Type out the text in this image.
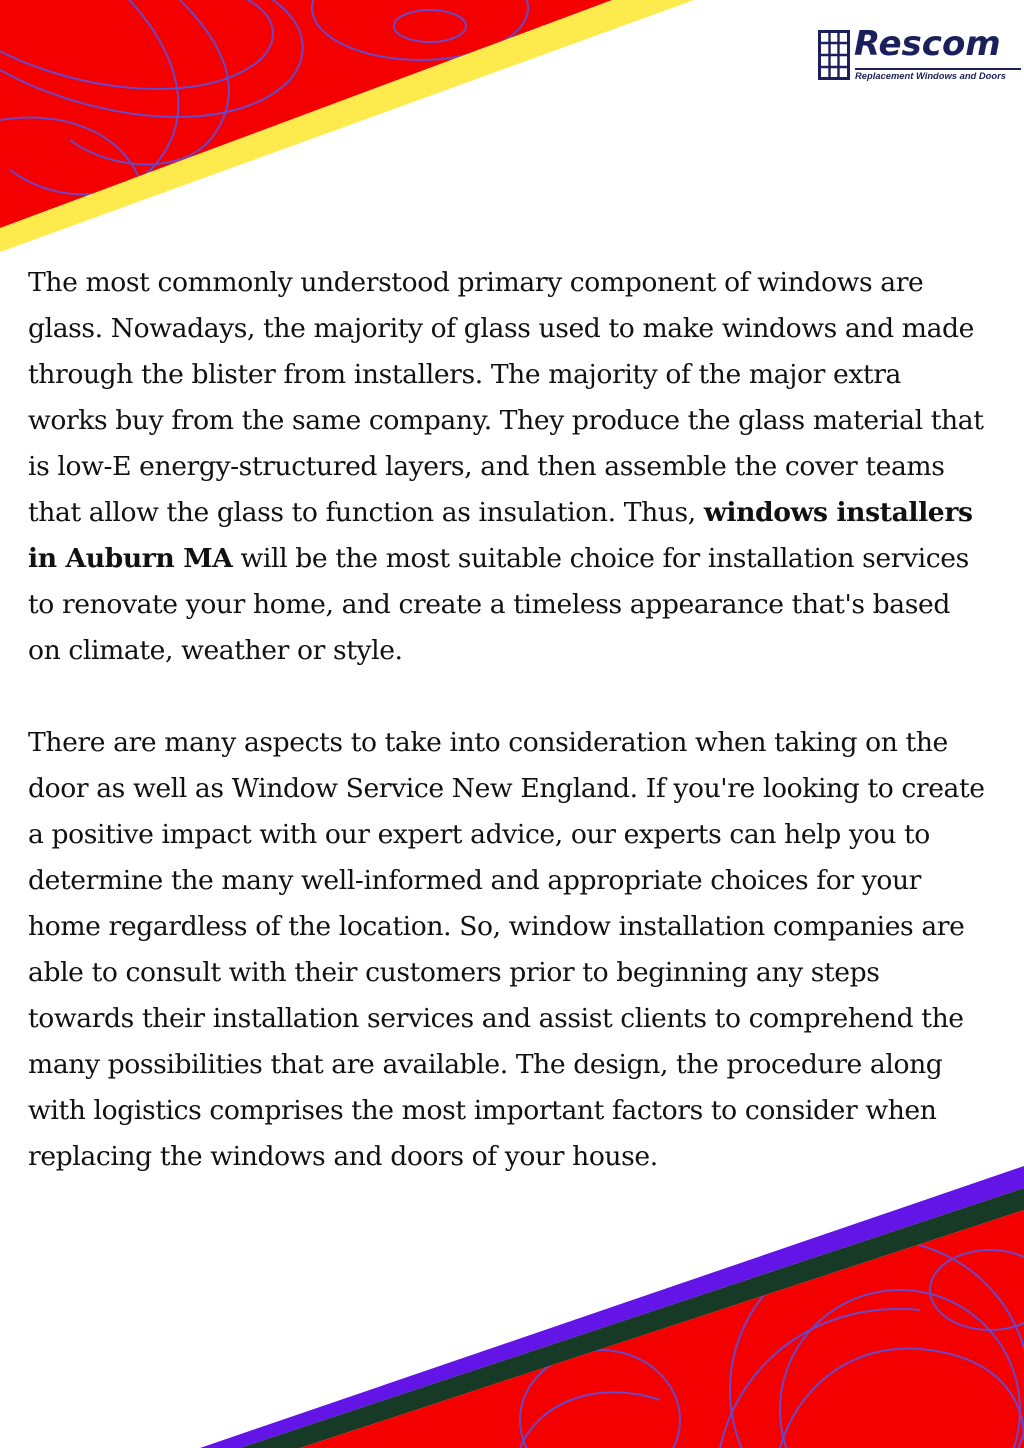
Rescom
Replacement Windows and Doors

The most commonly understood primary component of windows are glass. Nowadays, the majority of glass used to make windows and made through the blister from installers. The majority of the major extra works buy from the same company. They produce the glass material that is low-E energy-structured layers, and then assemble the cover teams that allow the glass to function as insulation. Thus, windows installers in Auburn MA will be the most suitable choice for installation services to renovate your home, and create a timeless appearance that's based on climate, weather or style.

There are many aspects to take into consideration when taking on the door as well as Window Service New England. If you're looking to create a positive impact with our expert advice, our experts can help you to determine the many well-informed and appropriate choices for your home regardless of the location. So, window installation companies are able to consult with their customers prior to beginning any steps towards their installation services and assist clients to comprehend the many possibilities that are available. The design, the procedure along with logistics comprises the most important factors to consider when replacing the windows and doors of your house.
